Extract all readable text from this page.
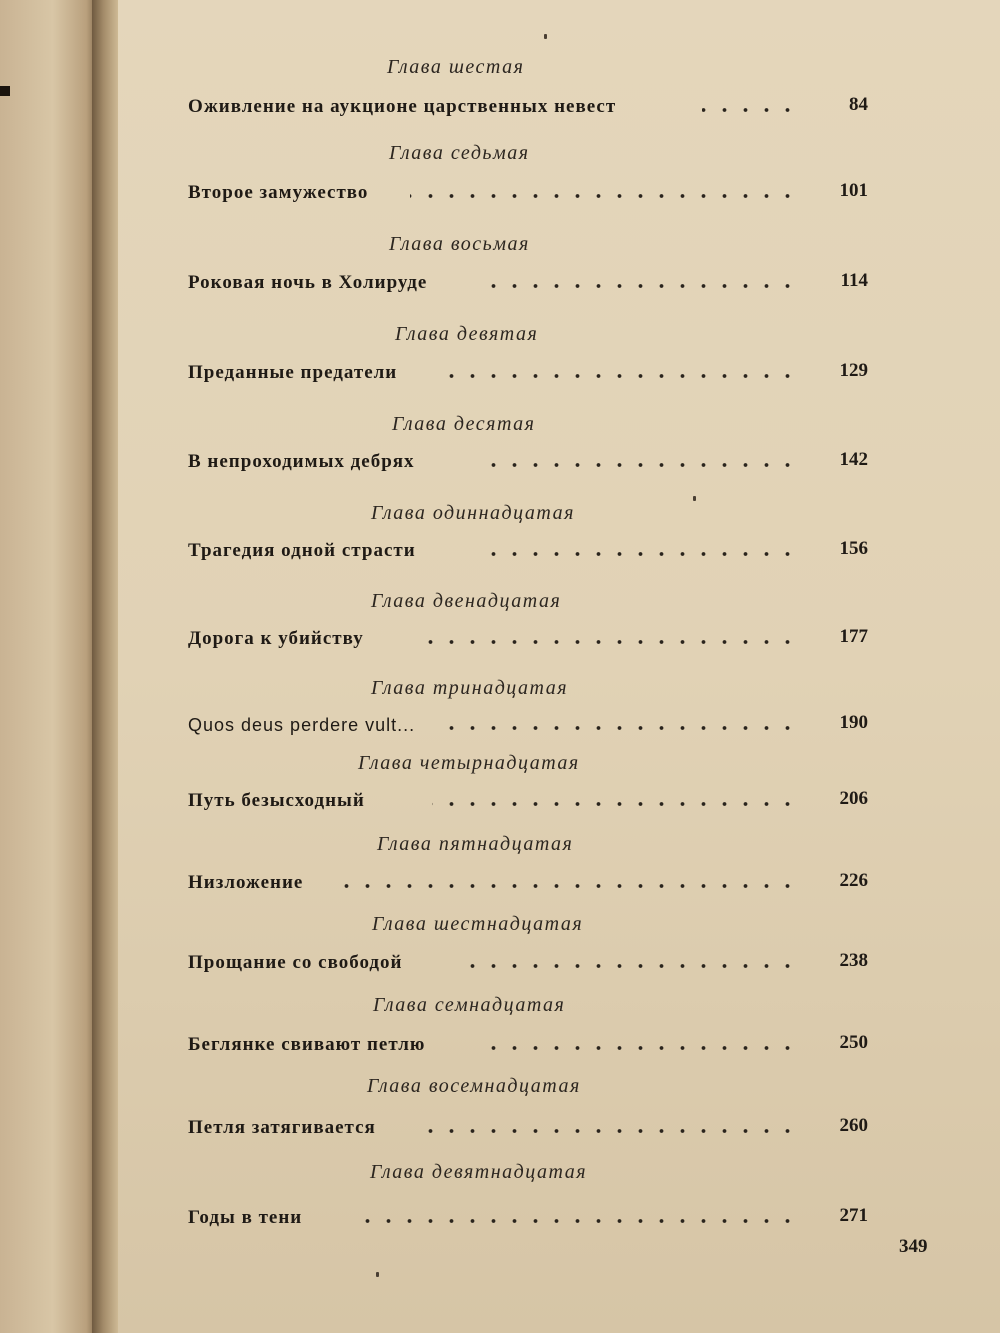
Глава шестая
Оживление на аукционе царственных невест	84
Глава седьмая
Второе замужество	101
Глава восьмая
Роковая ночь в Холируде	114
Глава девятая
Преданные предатели	129
Глава десятая
В непроходимых дебрях	142
Глава одиннадцатая
Трагедия одной страсти	156
Глава двенадцатая
Дорога к убийству	177
Глава тринадцатая
Quos deus perdere vult...	190
Глава четырнадцатая
Путь безысходный	206
Глава пятнадцатая
Низложение	226
Глава шестнадцатая
Прощание со свободой	238
Глава семнадцатая
Беглянке свивают петлю	250
Глава восемнадцатая
Петля затягивается	260
Глава девятнадцатая
Годы в тени	271
349
